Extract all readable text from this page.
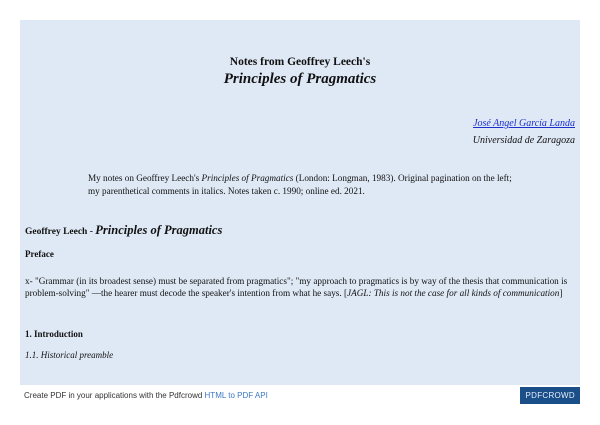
Notes from Geoffrey Leech's
Principles of Pragmatics
José Angel García Landa
Universidad de Zaragoza
My notes on Geoffrey Leech's Principles of Pragmatics (London: Longman, 1983). Original pagination on the left; my parenthetical comments in italics. Notes taken c. 1990; online ed. 2021.
Geoffrey Leech - Principles of Pragmatics
Preface
x- "Grammar (in its broadest sense) must be separated from pragmatics"; "my approach to pragmatics is by way of the thesis that communication is problem-solving" —the hearer must decode the speaker's intention from what he says. [JAGL: This is not the case for all kinds of communication]
1. Introduction
1.1. Historical preamble
Create PDF in your applications with the Pdfcrowd HTML to PDF API	PDFCROWD
